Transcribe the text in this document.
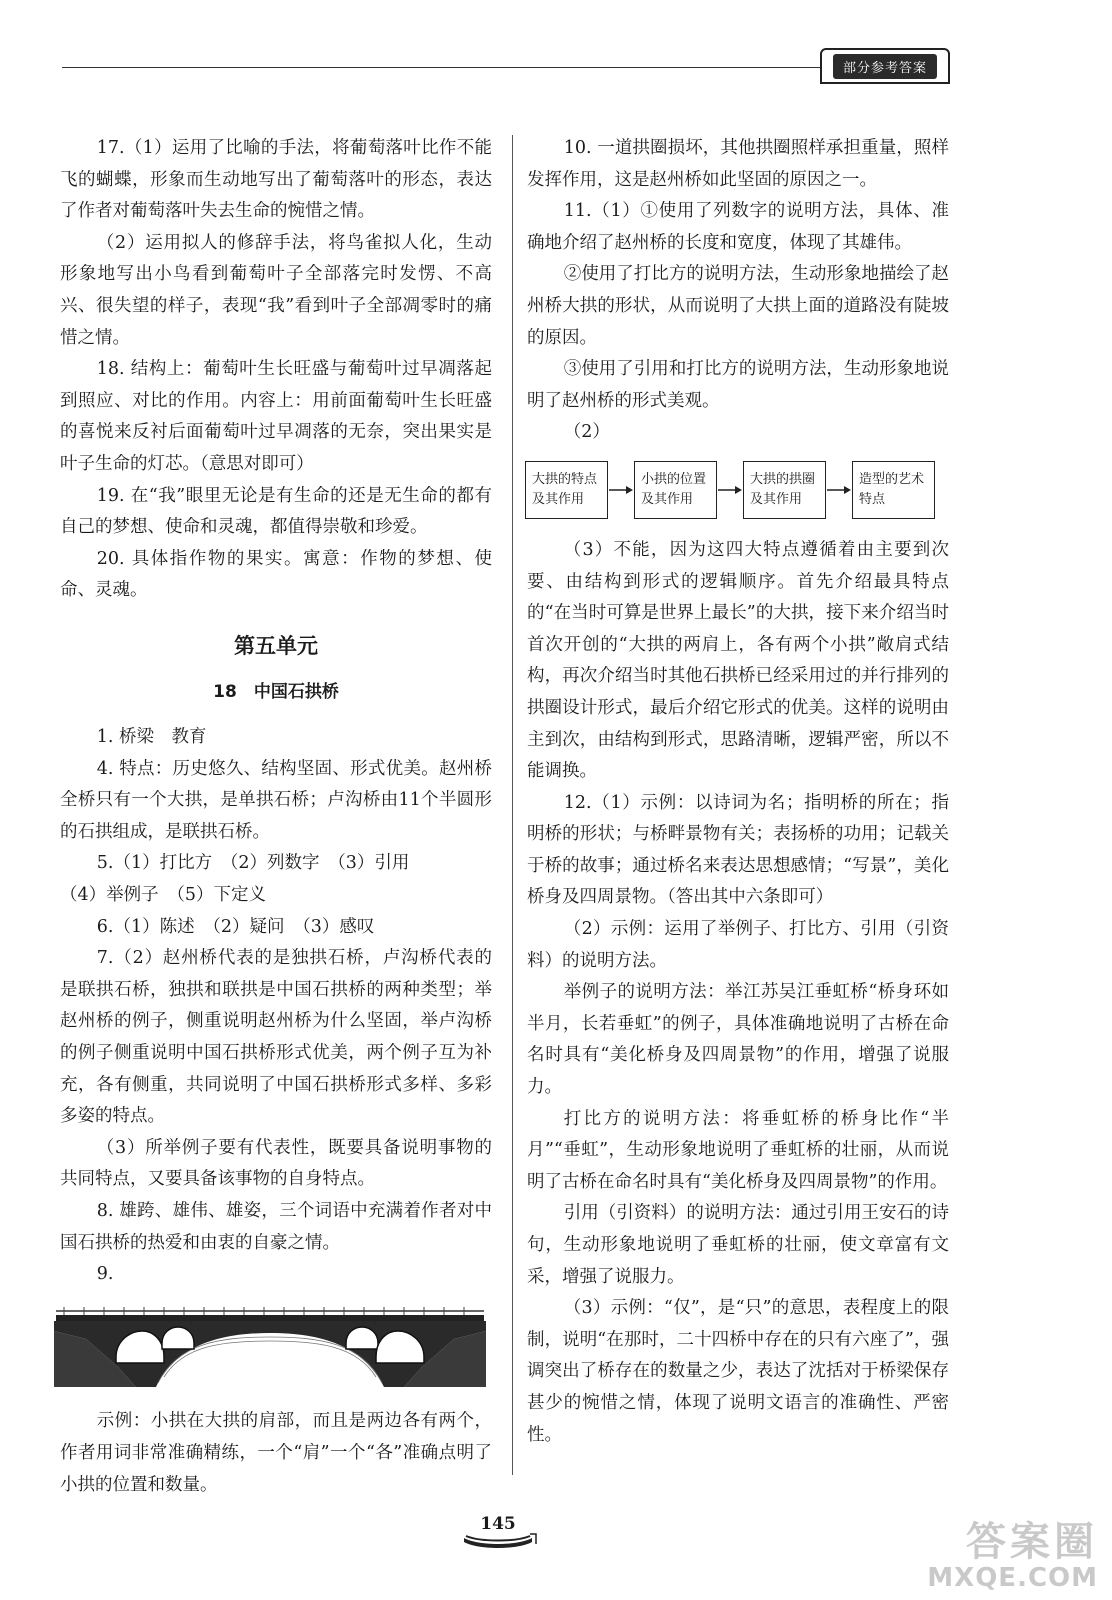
部分参考答案

17.（1）运用了比喻的手法，将葡萄落叶比作不能飞的蝴蝶，形象而生动地写出了葡萄落叶的形态，表达了作者对葡萄落叶失去生命的惋惜之情。

（2）运用拟人的修辞手法，将鸟雀拟人化，生动形象地写出小鸟看到葡萄叶子全部落完时发愣、不高兴、很失望的样子，表现“我”看到叶子全部凋零时的痛惜之情。

18. 结构上：葡萄叶生长旺盛与葡萄叶过早凋落起到照应、对比的作用。内容上：用前面葡萄叶生长旺盛的喜悦来反衬后面葡萄叶过早凋落的无奈，突出果实是叶子生命的灯芯。（意思对即可）

19. 在“我”眼里无论是有生命的还是无生命的都有自己的梦想、使命和灵魂，都值得崇敬和珍爱。

20. 具体指作物的果实。寓意：作物的梦想、使命、灵魂。

第五单元
18　中国石拱桥

1. 桥梁　教育

4. 特点：历史悠久、结构坚固、形式优美。赵州桥全桥只有一个大拱，是单拱石桥；卢沟桥由11个半圆形的石拱组成，是联拱石桥。

5.（1）打比方　（2）列数字　（3）引用

（4）举例子　（5）下定义

6.（1）陈述　（2）疑问　（3）感叹

7.（2）赵州桥代表的是独拱石桥，卢沟桥代表的是联拱石桥，独拱和联拱是中国石拱桥的两种类型；举赵州桥的例子，侧重说明赵州桥为什么坚固，举卢沟桥的例子侧重说明中国石拱桥形式优美，两个例子互为补充，各有侧重，共同说明了中国石拱桥形式多样、多彩多姿的特点。

（3）所举例子要有代表性，既要具备说明事物的共同特点，又要具备该事物的自身特点。

8. 雄跨、雄伟、雄姿，三个词语中充满着作者对中国石拱桥的热爱和由衷的自豪之情。

9.

示例：小拱在大拱的肩部，而且是两边各有两个，作者用词非常准确精练，一个“肩”一个“各”准确点明了小拱的位置和数量。

10. 一道拱圈损坏，其他拱圈照样承担重量，照样发挥作用，这是赵州桥如此坚固的原因之一。

11.（1）①使用了列数字的说明方法，具体、准确地介绍了赵州桥的长度和宽度，体现了其雄伟。

②使用了打比方的说明方法，生动形象地描绘了赵州桥大拱的形状，从而说明了大拱上面的道路没有陡坡的原因。

③使用了引用和打比方的说明方法，生动形象地说明了赵州桥的形式美观。

（2）

大拱的特点及其作用
小拱的位置及其作用
大拱的拱圈及其作用
造型的艺术特点

（3）不能，因为这四大特点遵循着由主要到次要、由结构到形式的逻辑顺序。首先介绍最具特点的“在当时可算是世界上最长”的大拱，接下来介绍当时首次开创的“大拱的两肩上，各有两个小拱”敞肩式结构，再次介绍当时其他石拱桥已经采用过的并行排列的拱圈设计形式，最后介绍它形式的优美。这样的说明由主到次，由结构到形式，思路清晰，逻辑严密，所以不能调换。

12.（1）示例：以诗词为名；指明桥的所在；指明桥的形状；与桥畔景物有关；表扬桥的功用；记载关于桥的故事；通过桥名来表达思想感情；“写景”，美化桥身及四周景物。（答出其中六条即可）

（2）示例：运用了举例子、打比方、引用（引资料）的说明方法。

举例子的说明方法：举江苏吴江垂虹桥“桥身环如半月，长若垂虹”的例子，具体准确地说明了古桥在命名时具有“美化桥身及四周景物”的作用，增强了说服力。

打比方的说明方法：将垂虹桥的桥身比作“半月”“垂虹”，生动形象地说明了垂虹桥的壮丽，从而说明了古桥在命名时具有“美化桥身及四周景物”的作用。

引用（引资料）的说明方法：通过引用王安石的诗句，生动形象地说明了垂虹桥的壮丽，使文章富有文采，增强了说服力。

（3）示例：“仅”，是“只”的意思，表程度上的限制，说明“在那时，二十四桥中存在的只有六座了”，强调突出了桥存在的数量之少，表达了沈括对于桥梁保存甚少的惋惜之情，体现了说明文语言的准确性、严密性。

145	答案圈
MXQE.COM
